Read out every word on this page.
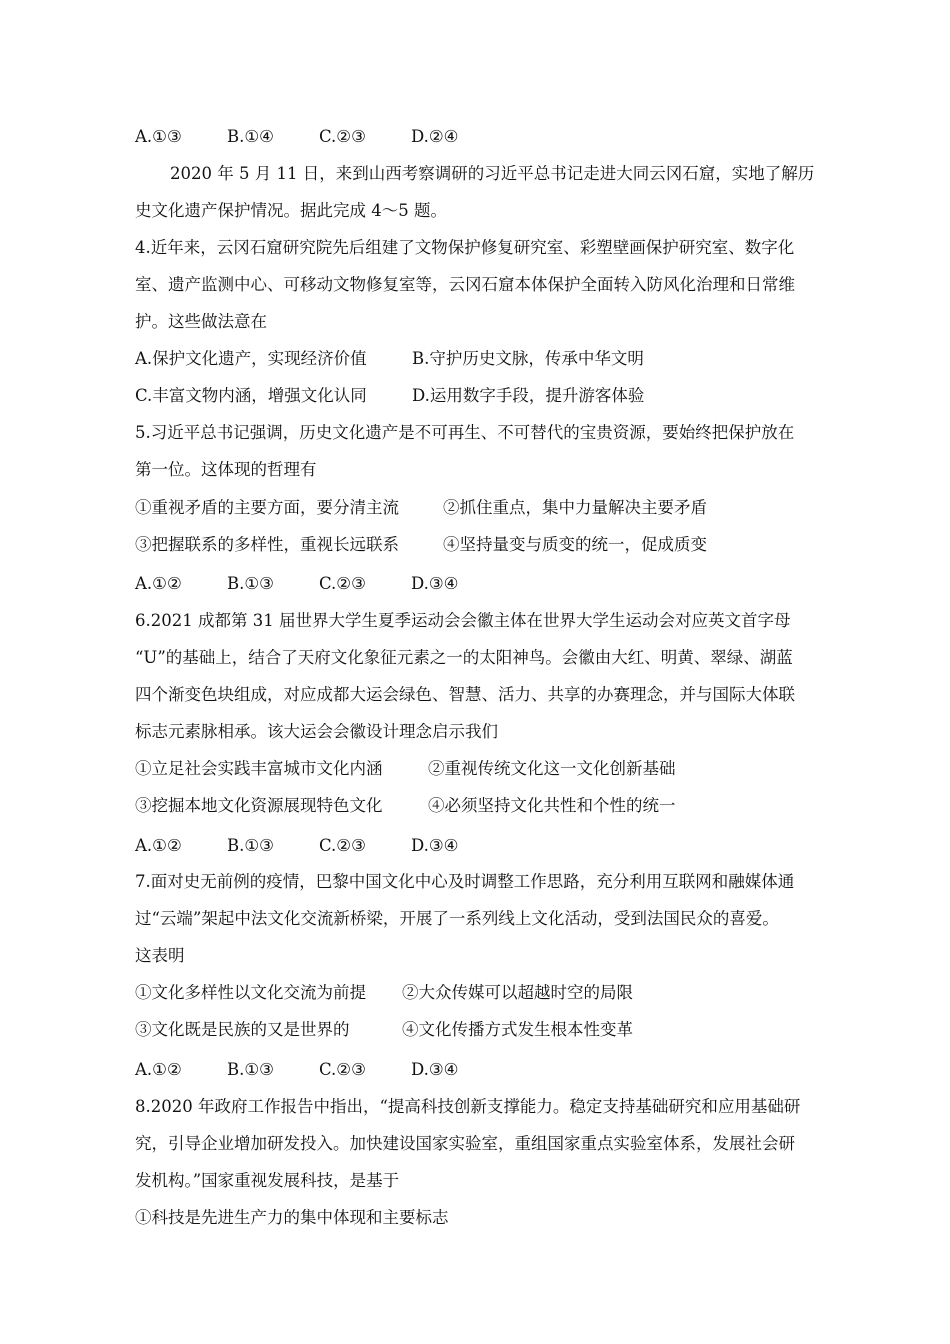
A.①③	B.①④	C.②③	D.②④
2020 年 5 月 11 日，来到山西考察调研的习近平总书记走进大同云冈石窟，实地了解历
史文化遗产保护情况。据此完成 4～5 题。
4.近年来，云冈石窟研究院先后组建了文物保护修复研究室、彩塑壁画保护研究室、数字化
室、遗产监测中心、可移动文物修复室等，云冈石窟本体保护全面转入防风化治理和日常维
护。这些做法意在
A.保护文化遗产，实现经济价值	B.守护历史文脉，传承中华文明
C.丰富文物内涵，增强文化认同	D.运用数字手段，提升游客体验
5.习近平总书记强调，历史文化遗产是不可再生、不可替代的宝贵资源，要始终把保护放在
第一位。这体现的哲理有
①重视矛盾的主要方面，要分清主流	②抓住重点，集中力量解决主要矛盾
③把握联系的多样性，重视长远联系	④坚持量变与质变的统一，促成质变
A.①②	B.①③	C.②③	D.③④
6.2021 成都第 31 届世界大学生夏季运动会会徽主体在世界大学生运动会对应英文首字母
“U”的基础上，结合了天府文化象征元素之一的太阳神鸟。会徽由大红、明黄、翠绿、湖蓝
四个渐变色块组成，对应成都大运会绿色、智慧、活力、共享的办赛理念，并与国际大体联
标志元素脉相承。该大运会会徽设计理念启示我们
①立足社会实践丰富城市文化内涵	②重视传统文化这一文化创新基础
③挖掘本地文化资源展现特色文化	④必须坚持文化共性和个性的统一
A.①②	B.①③	C.②③	D.③④
7.面对史无前例的疫情，巴黎中国文化中心及时调整工作思路，充分利用互联网和融媒体通
过“云端”架起中法文化交流新桥梁，开展了一系列线上文化活动，受到法国民众的喜爱。
这表明
①文化多样性以文化交流为前提 ②大众传媒可以超越时空的局限
③文化既是民族的又是世界的	④文化传播方式发生根本性变革
A.①②	B.①③	C.②③	D.③④
8.2020 年政府工作报告中指出，“提高科技创新支撑能力。稳定支持基础研究和应用基础研
究，引导企业增加研发投入。加快建设国家实验室，重组国家重点实验室体系，发展社会研
发机构。”国家重视发展科技，是基于
①科技是先进生产力的集中体现和主要标志
